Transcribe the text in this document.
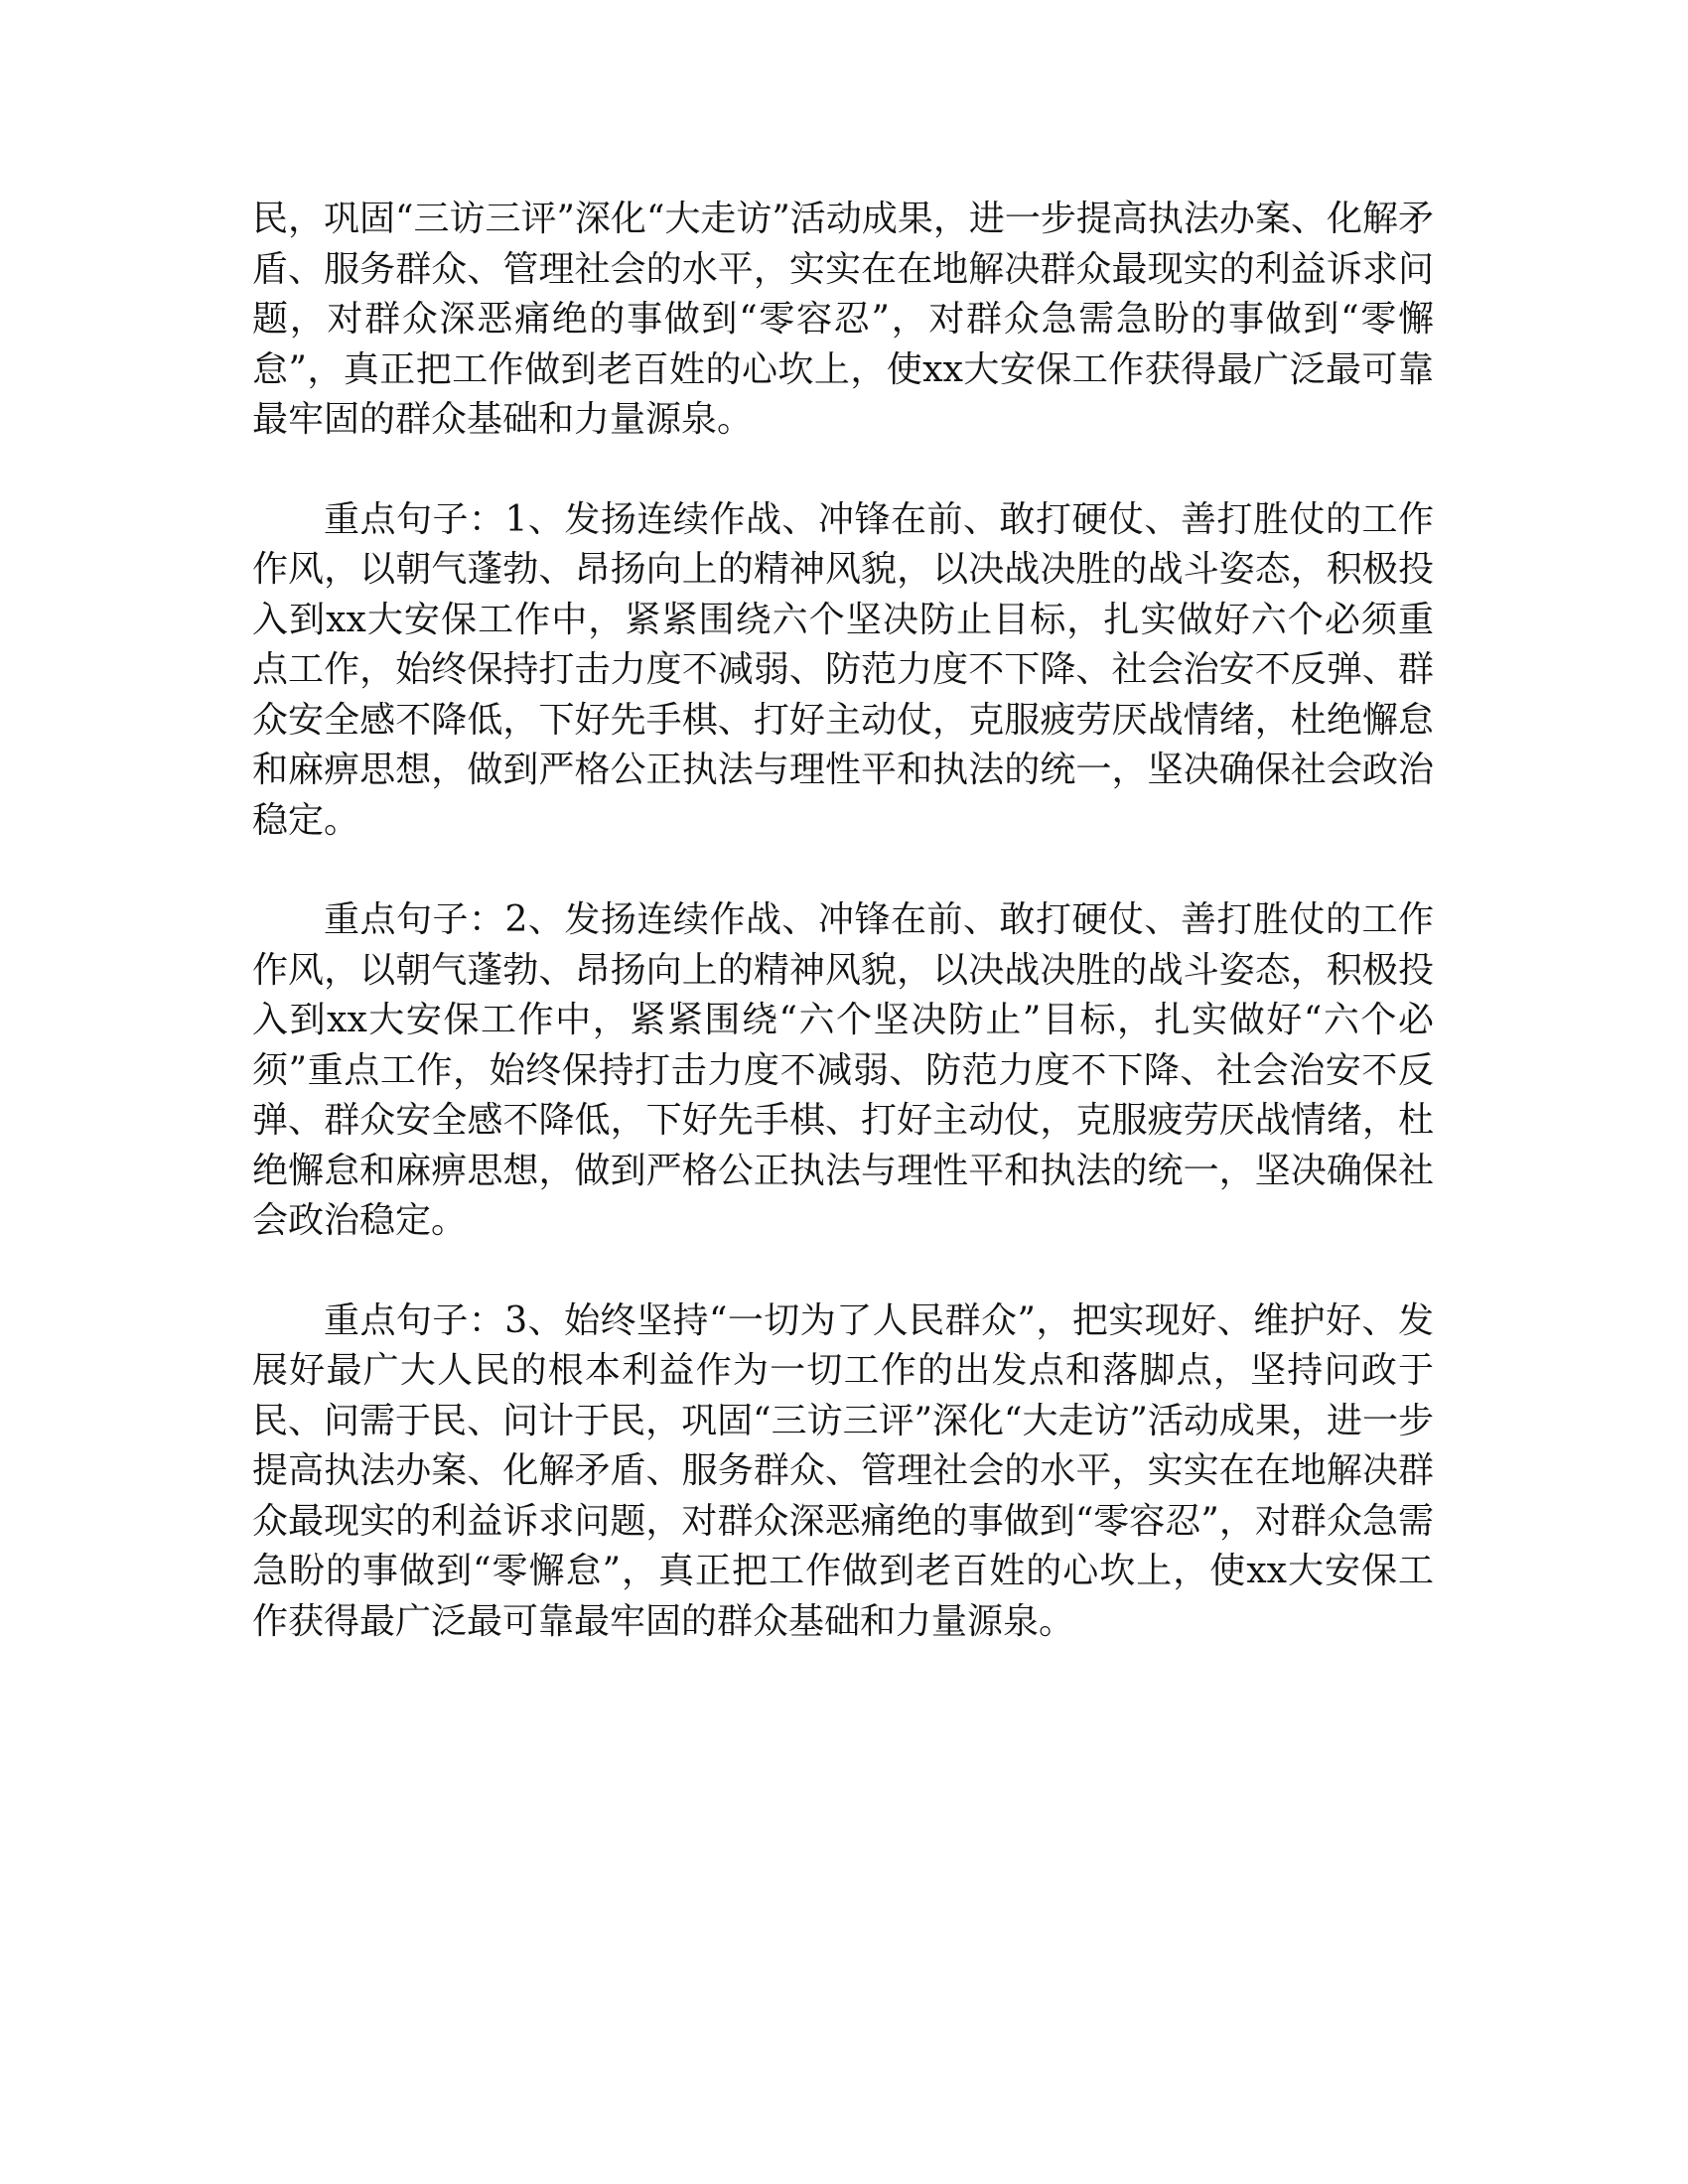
民，巩固“三访三评”深化“大走访”活动成果，进一步提高执法办案、化解矛盾、服务群众、管理社会的水平，实实在在地解决群众最现实的利益诉求问题，对群众深恶痛绝的事做到“零容忍”，对群众急需急盼的事做到“零懈怠”，真正把工作做到老百姓的心坎上，使xx大安保工作获得最广泛最可靠最牢固的群众基础和力量源泉。

重点句子：1、发扬连续作战、冲锋在前、敢打硬仗、善打胜仗的工作作风，以朝气蓬勃、昂扬向上的精神风貌，以决战决胜的战斗姿态，积极投入到xx大安保工作中，紧紧围绕六个坚决防止目标，扎实做好六个必须重点工作，始终保持打击力度不减弱、防范力度不下降、社会治安不反弹、群众安全感不降低，下好先手棋、打好主动仗，克服疲劳厌战情绪，杜绝懈怠和麻痹思想，做到严格公正执法与理性平和执法的统一，坚决确保社会政治稳定。

重点句子：2、发扬连续作战、冲锋在前、敢打硬仗、善打胜仗的工作作风，以朝气蓬勃、昂扬向上的精神风貌，以决战决胜的战斗姿态，积极投入到xx大安保工作中，紧紧围绕“六个坚决防止”目标，扎实做好“六个必须”重点工作，始终保持打击力度不减弱、防范力度不下降、社会治安不反弹、群众安全感不降低，下好先手棋、打好主动仗，克服疲劳厌战情绪，杜绝懈怠和麻痹思想，做到严格公正执法与理性平和执法的统一，坚决确保社会政治稳定。

重点句子：3、始终坚持“一切为了人民群众”，把实现好、维护好、发展好最广大人民的根本利益作为一切工作的出发点和落脚点，坚持问政于民、问需于民、问计于民，巩固“三访三评”深化“大走访”活动成果，进一步提高执法办案、化解矛盾、服务群众、管理社会的水平，实实在在地解决群众最现实的利益诉求问题，对群众深恶痛绝的事做到“零容忍”，对群众急需急盼的事做到“零懈怠”，真正把工作做到老百姓的心坎上，使xx大安保工作获得最广泛最可靠最牢固的群众基础和力量源泉。
